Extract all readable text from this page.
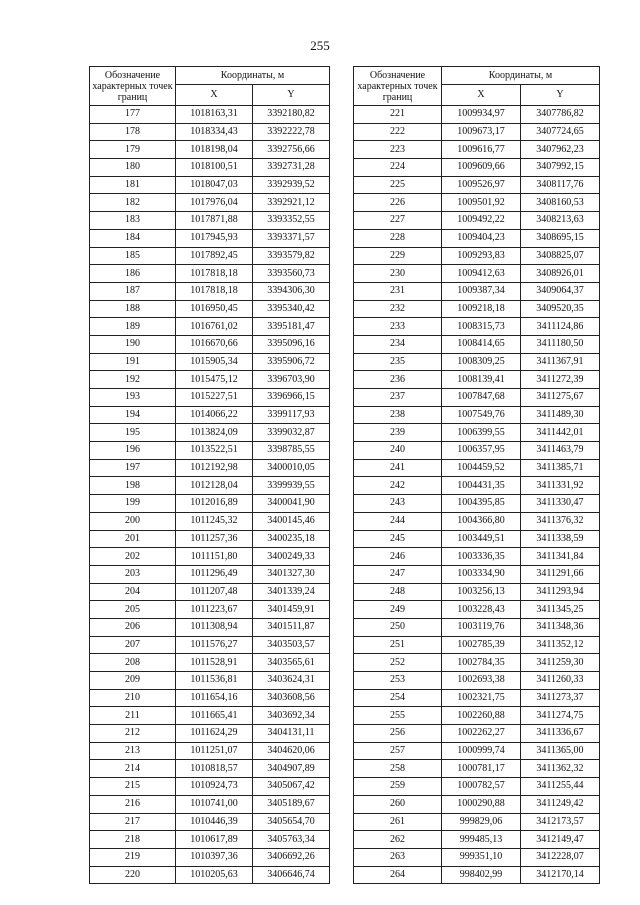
255
Обозначение характерных точек границ	Координаты, м	
	X	Y
177	1018163,31	3392180,82
178	1018334,43	3392222,78
179	1018198,04	3392756,66
180	1018100,51	3392731,28
181	1018047,03	3392939,52
182	1017976,04	3392921,12
183	1017871,88	3393352,55
184	1017945,93	3393371,57
185	1017892,45	3393579,82
186	1017818,18	3393560,73
187	1017818,18	3394306,30
188	1016950,45	3395340,42
189	1016761,02	3395181,47
190	1016670,66	3395096,16
191	1015905,34	3395906,72
192	1015475,12	3396703,90
193	1015227,51	3396966,15
194	1014066,22	3399117,93
195	1013824,09	3399032,87
196	1013522,51	3398785,55
197	1012192,98	3400010,05
198	1012128,04	3399939,55
199	1012016,89	3400041,90
200	1011245,32	3400145,46
201	1011257,36	3400235,18
202	1011151,80	3400249,33
203	1011296,49	3401327,30
204	1011207,48	3401339,24
205	1011223,67	3401459,91
206	1011308,94	3401511,87
207	1011576,27	3403503,57
208	1011528,91	3403565,61
209	1011536,81	3403624,31
210	1011654,16	3403608,56
211	1011665,41	3403692,34
212	1011624,29	3404131,11
213	1011251,07	3404620,06
214	1010818,57	3404907,89
215	1010924,73	3405067,42
216	1010741,00	3405189,67
217	1010446,39	3405654,70
218	1010617,89	3405763,34
219	1010397,36	3406692,26
220	1010205,63	3406646,74
Обозначение характерных точек границ	Координаты, м	
	X	Y
221	1009934,97	3407786,82
222	1009673,17	3407724,65
223	1009616,77	3407962,23
224	1009609,66	3407992,15
225	1009526,97	3408117,76
226	1009501,92	3408160,53
227	1009492,22	3408213,63
228	1009404,23	3408695,15
229	1009293,83	3408825,07
230	1009412,63	3408926,01
231	1009387,34	3409064,37
232	1009218,18	3409520,35
233	1008315,73	3411124,86
234	1008414,65	3411180,50
235	1008309,25	3411367,91
236	1008139,41	3411272,39
237	1007847,68	3411275,67
238	1007549,76	3411489,30
239	1006399,55	3411442,01
240	1006357,95	3411463,79
241	1004459,52	3411385,71
242	1004431,35	3411331,92
243	1004395,85	3411330,47
244	1004366,80	3411376,32
245	1003449,51	3411338,59
246	1003336,35	3411341,84
247	1003334,90	3411291,66
248	1003256,13	3411293,94
249	1003228,43	3411345,25
250	1003119,76	3411348,36
251	1002785,39	3411352,12
252	1002784,35	3411259,30
253	1002693,38	3411260,33
254	1002321,75	3411273,37
255	1002260,88	3411274,75
256	1002262,27	3411336,67
257	1000999,74	3411365,00
258	1000781,17	3411362,32
259	1000782,57	3411255,44
260	1000290,88	3411249,42
261	999829,06	3412173,57
262	999485,13	3412149,47
263	999351,10	3412228,07
264	998402,99	3412170,14
